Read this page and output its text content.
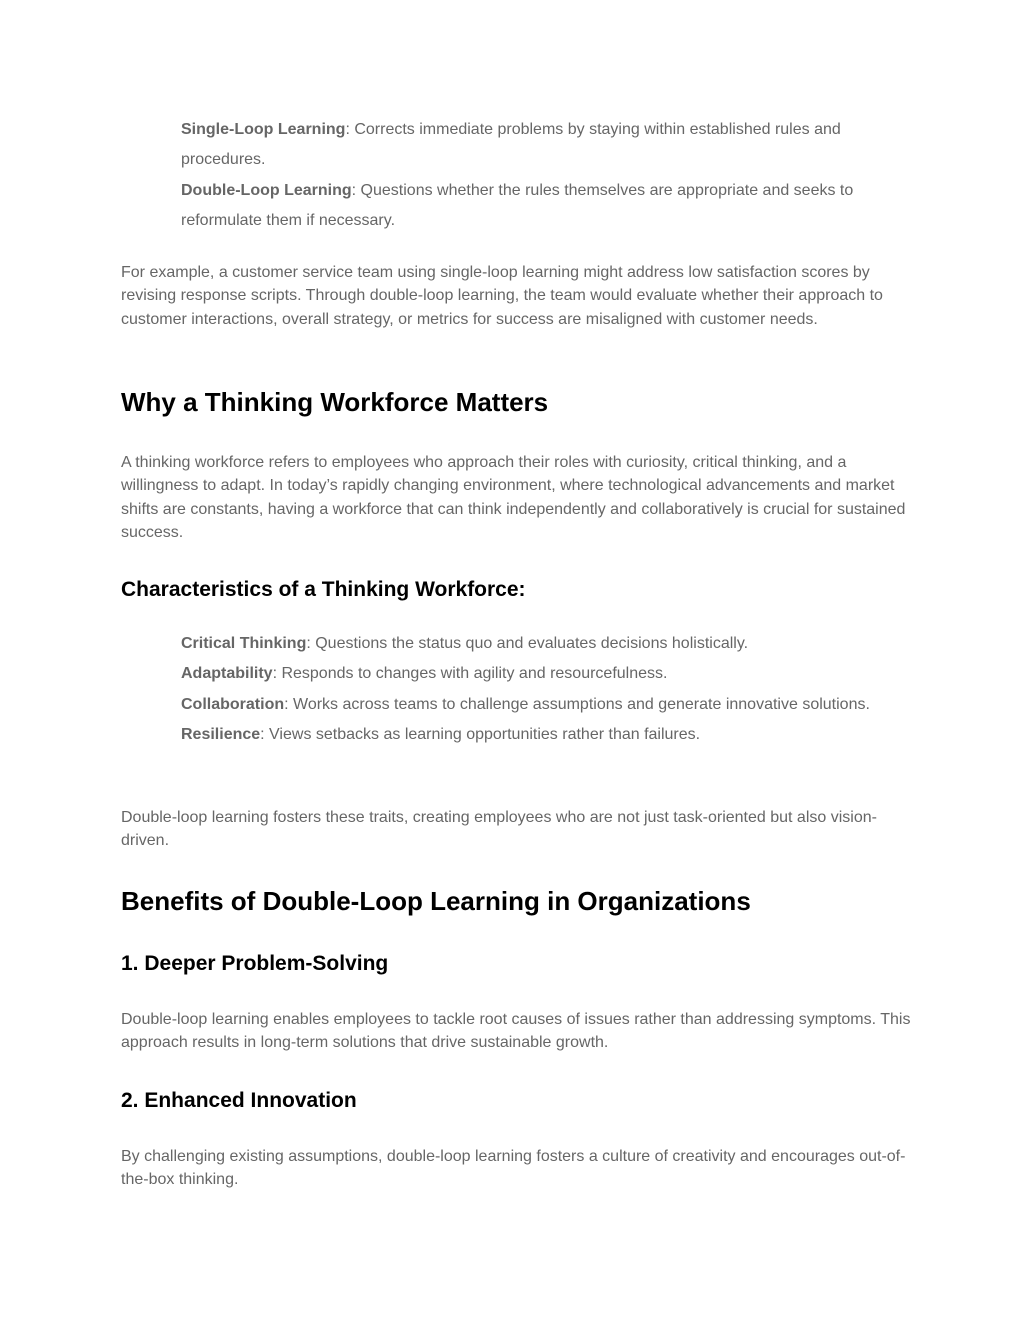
Single-Loop Learning: Corrects immediate problems by staying within established rules and procedures.
Double-Loop Learning: Questions whether the rules themselves are appropriate and seeks to reformulate them if necessary.

For example, a customer service team using single-loop learning might address low satisfaction scores by revising response scripts. Through double-loop learning, the team would evaluate whether their approach to customer interactions, overall strategy, or metrics for success are misaligned with customer needs.

Why a Thinking Workforce Matters

A thinking workforce refers to employees who approach their roles with curiosity, critical thinking, and a willingness to adapt. In today’s rapidly changing environment, where technological advancements and market shifts are constants, having a workforce that can think independently and collaboratively is crucial for sustained success.

Characteristics of a Thinking Workforce:
Critical Thinking: Questions the status quo and evaluates decisions holistically.
Adaptability: Responds to changes with agility and resourcefulness.
Collaboration: Works across teams to challenge assumptions and generate innovative solutions.
Resilience: Views setbacks as learning opportunities rather than failures.

Double-loop learning fosters these traits, creating employees who are not just task-oriented but also vision-driven.

Benefits of Double-Loop Learning in Organizations
1. Deeper Problem-Solving

Double-loop learning enables employees to tackle root causes of issues rather than addressing symptoms. This approach results in long-term solutions that drive sustainable growth.

2. Enhanced Innovation

By challenging existing assumptions, double-loop learning fosters a culture of creativity and encourages out-of-the-box thinking.
